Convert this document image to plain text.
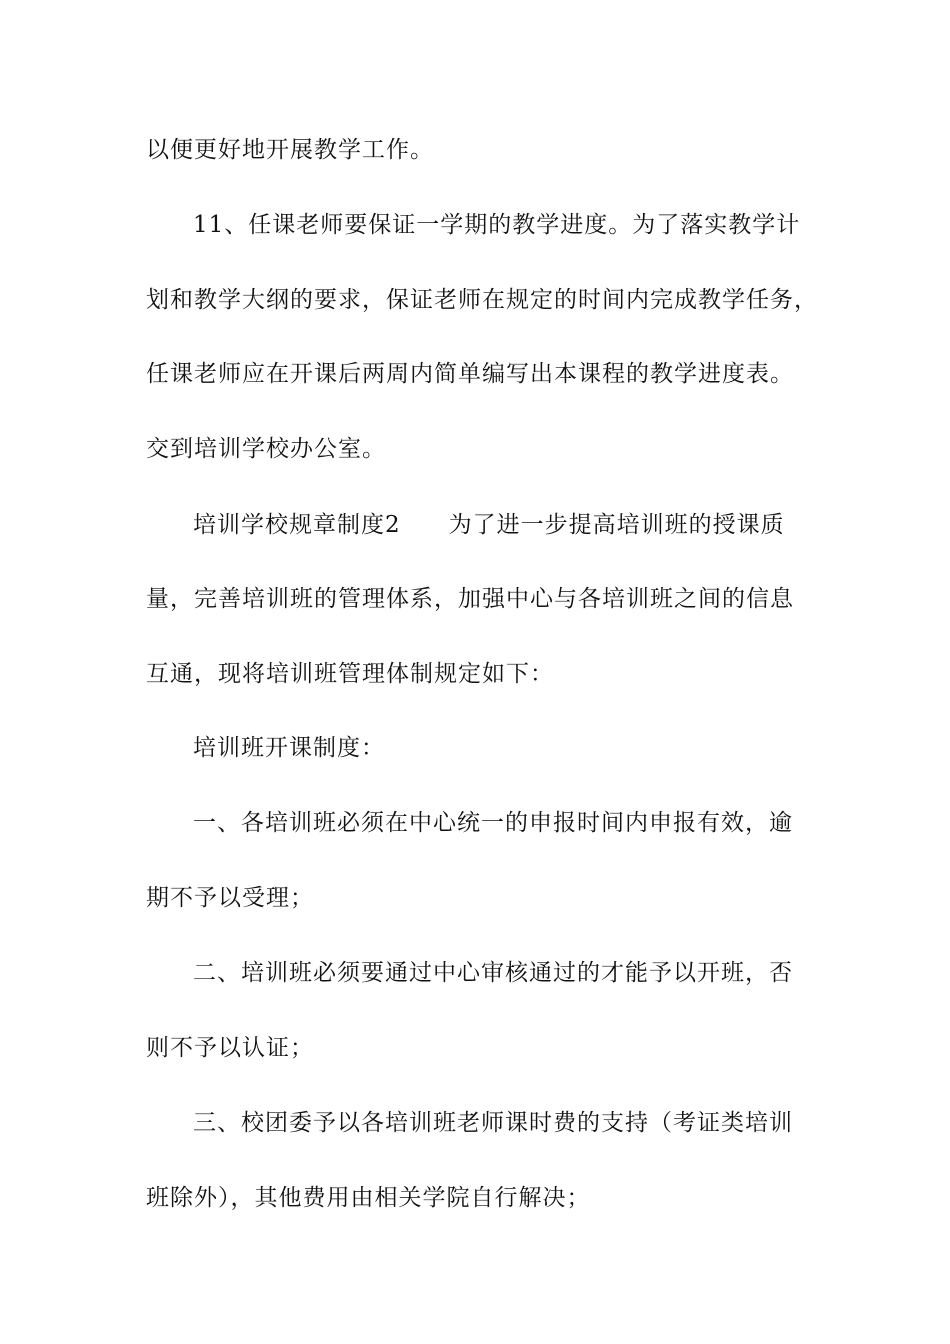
以便更好地开展教学工作。
11、任课老师要保证一学期的教学进度。为了落实教学计
划和教学大纲的要求，保证老师在规定的时间内完成教学任务，
任课老师应在开课后两周内简单编写出本课程的教学进度表。
交到培训学校办公室。
培训学校规章制度2 为了进一步提高培训班的授课质
量，完善培训班的管理体系，加强中心与各培训班之间的信息
互通，现将培训班管理体制规定如下：
培训班开课制度：
一、各培训班必须在中心统一的申报时间内申报有效，逾
期不予以受理；
二、培训班必须要通过中心审核通过的才能予以开班，否
则不予以认证；
三、校团委予以各培训班老师课时费的支持（考证类培训
班除外），其他费用由相关学院自行解决；
